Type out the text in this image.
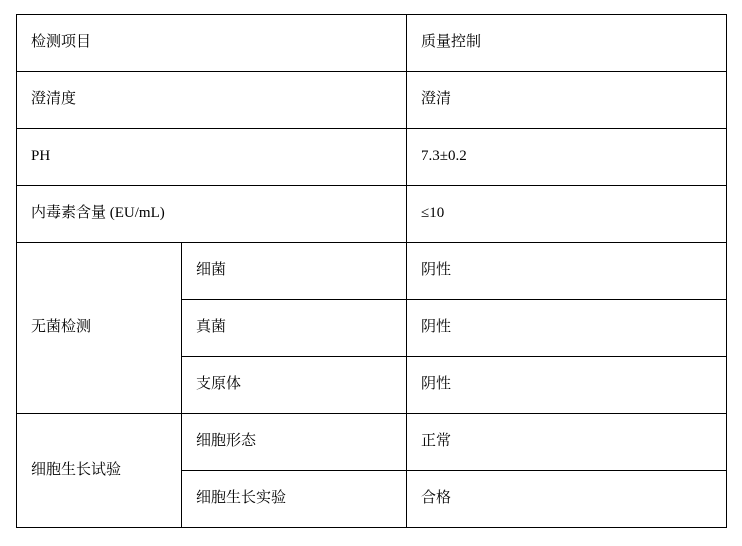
检测项目		质量控制
澄清度		澄清
PH		7.3±0.2
内毒素含量 (EU/mL)		≤10
无菌检测	细菌	阴性
	真菌	阴性
	支原体	阴性
细胞生长试验	细胞形态	正常
	细胞生长实验	合格
